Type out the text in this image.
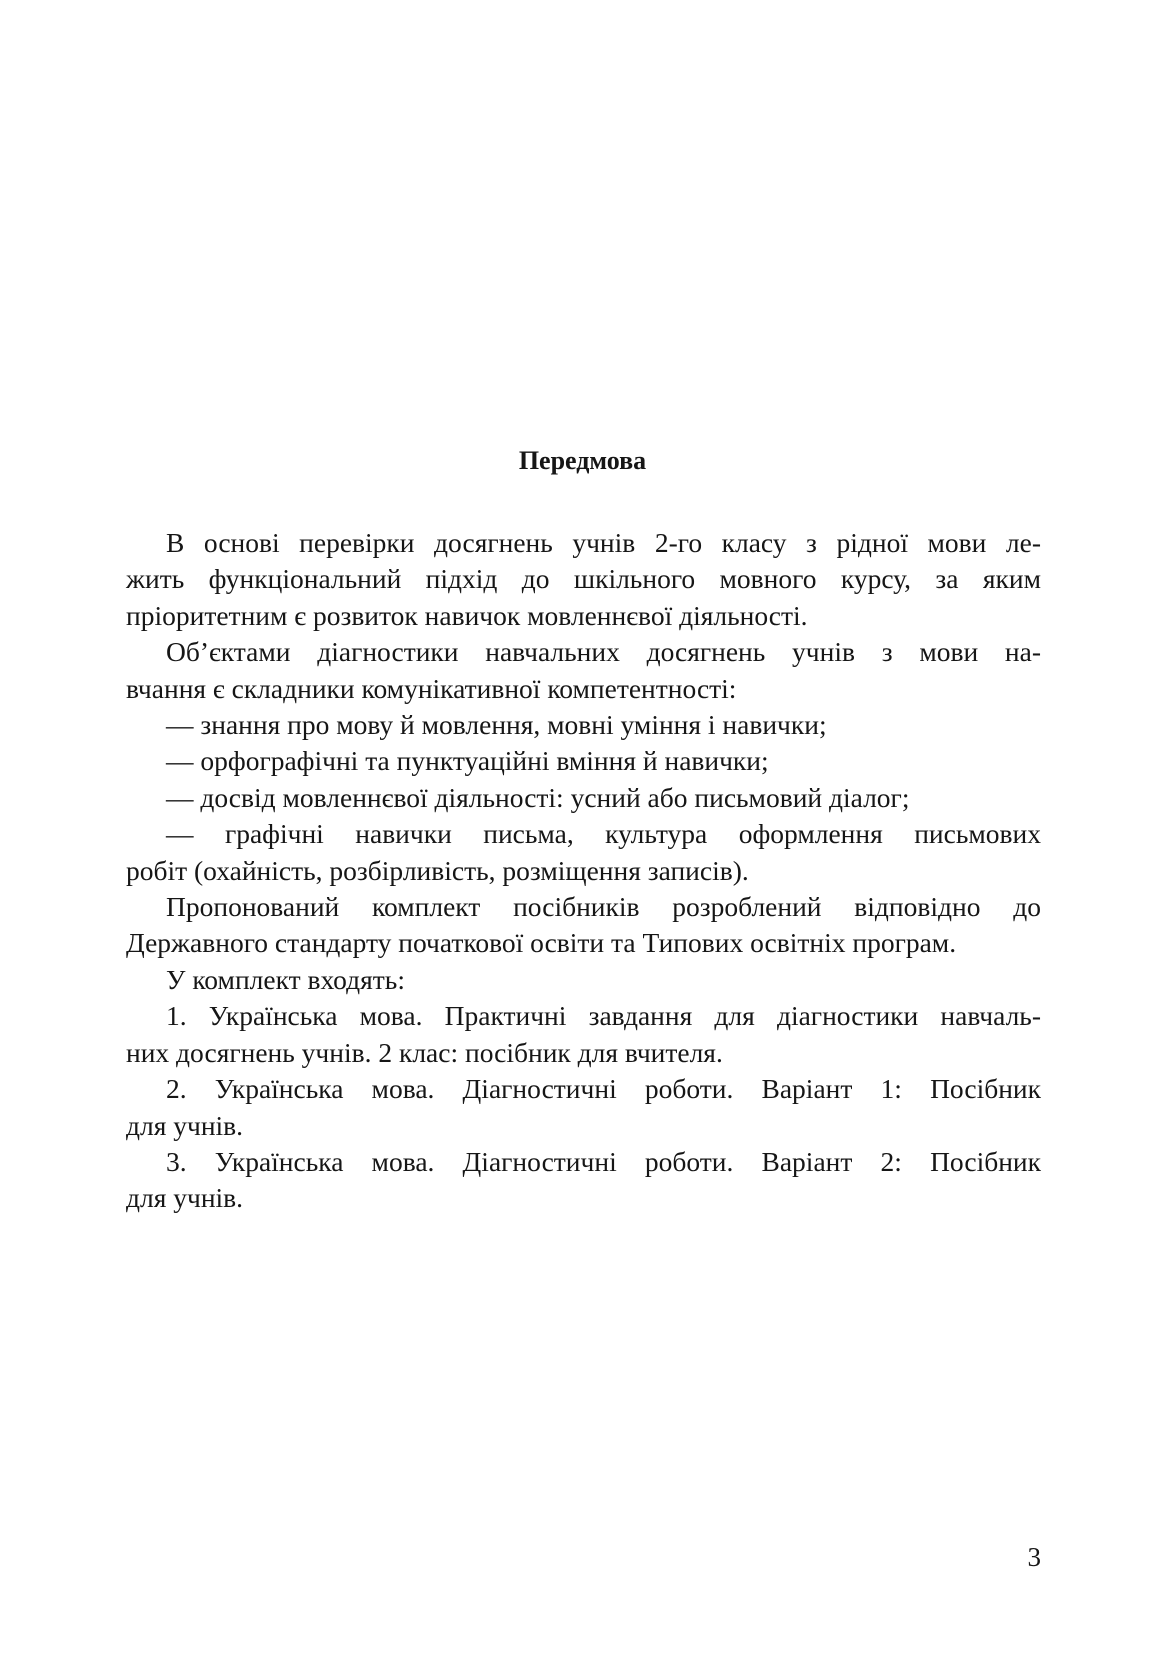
Передмова

В основі перевірки досягнень учнів 2-го класу з рідної мови ле-
жить функціональний підхід до шкільного мовного курсу, за яким
пріоритетним є розвиток навичок мовленнєвої діяльності.

Об’єктами діагностики навчальних досягнень учнів з мови на-
вчання є складники комунікативної компетентності:

— знання про мову й мовлення, мовні уміння і навички;

— орфографічні та пунктуаційні вміння й навички;

— досвід мовленнєвої діяльності: усний або письмовий діалог;

— графічні навички письма, культура оформлення письмових
робіт (охайність, розбірливість, розміщення записів).

Пропонований комплект посібників розроблений відповідно до
Державного стандарту початкової освіти та Типових освітніх програм.

У комплект входять:

1. Українська мова. Практичні завдання для діагностики навчаль-
них досягнень учнів. 2 клас: посібник для вчителя.

2. Українська мова. Діагностичні роботи. Варіант 1: Посібник
для учнів.

3. Українська мова. Діагностичні роботи. Варіант 2: Посібник
для учнів.

3
